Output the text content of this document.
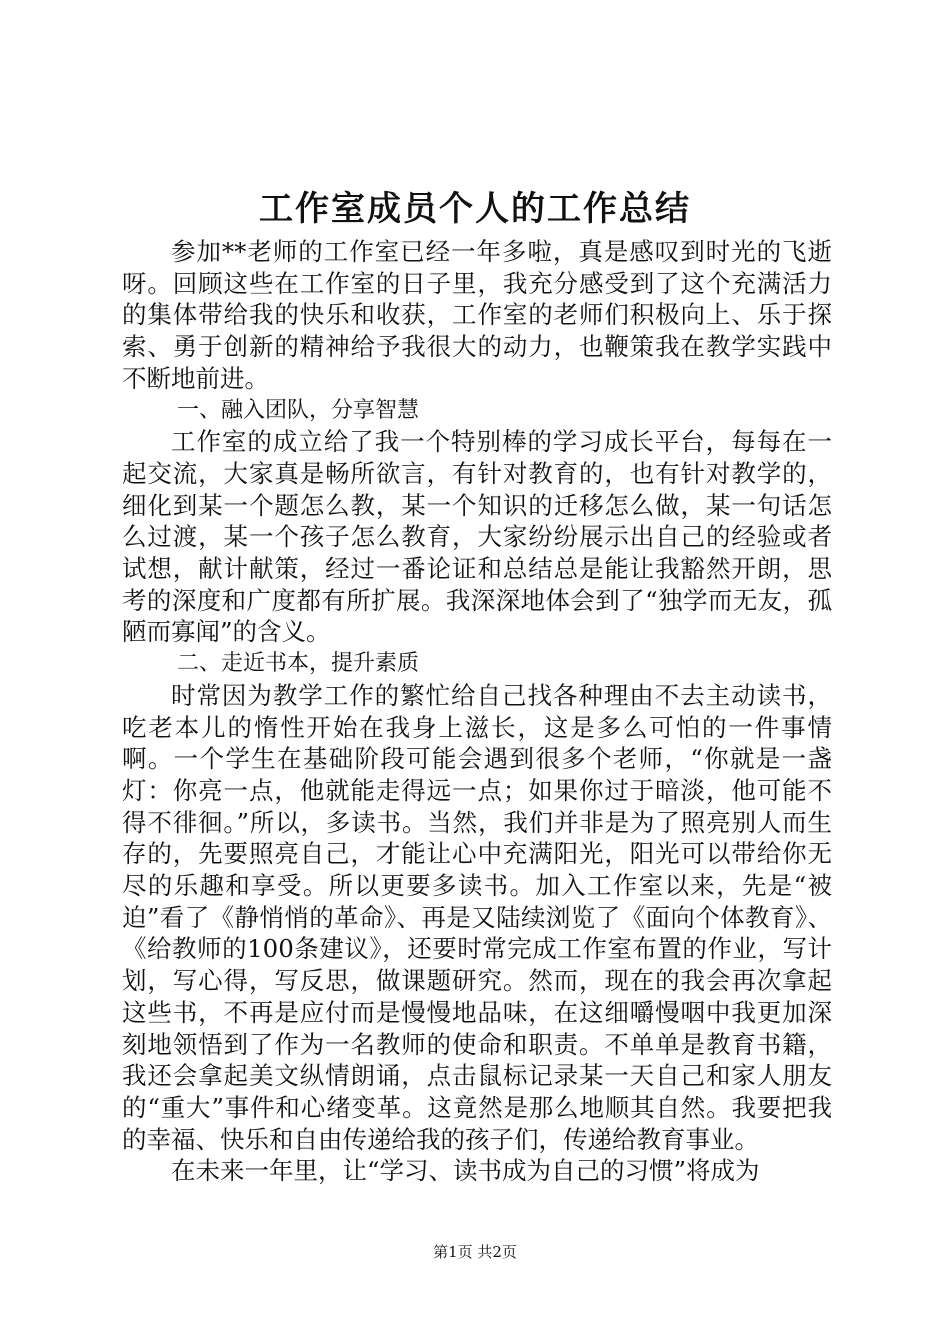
工作室成员个人的工作总结

参加**老师的工作室已经一年多啦，真是感叹到时光的飞逝呀。回顾这些在工作室的日子里，我充分感受到了这个充满活力的集体带给我的快乐和收获，工作室的老师们积极向上、乐于探索、勇于创新的精神给予我很大的动力，也鞭策我在教学实践中不断地前进。

一、融入团队，分享智慧

工作室的成立给了我一个特别棒的学习成长平台，每每在一起交流，大家真是畅所欲言，有针对教育的，也有针对教学的，细化到某一个题怎么教，某一个知识的迁移怎么做，某一句话怎么过渡，某一个孩子怎么教育，大家纷纷展示出自己的经验或者试想，献计献策，经过一番论证和总结总是能让我豁然开朗，思考的深度和广度都有所扩展。我深深地体会到了“独学而无友，孤陋而寡闻”的含义。

二、走近书本，提升素质

时常因为教学工作的繁忙给自己找各种理由不去主动读书，吃老本儿的惰性开始在我身上滋长，这是多么可怕的一件事情啊。一个学生在基础阶段可能会遇到很多个老师，“你就是一盏灯：你亮一点，他就能走得远一点；如果你过于暗淡，他可能不得不徘徊。”所以，多读书。当然，我们并非是为了照亮别人而生存的，先要照亮自己，才能让心中充满阳光，阳光可以带给你无尽的乐趣和享受。所以更要多读书。加入工作室以来，先是“被迫”看了《静悄悄的革命》、再是又陆续浏览了《面向个体教育》、《给教师的100条建议》，还要时常完成工作室布置的作业，写计划，写心得，写反思，做课题研究。然而，现在的我会再次拿起这些书，不再是应付而是慢慢地品味，在这细嚼慢咽中我更加深刻地领悟到了作为一名教师的使命和职责。不单单是教育书籍，我还会拿起美文纵情朗诵，点击鼠标记录某一天自己和家人朋友的“重大”事件和心绪变革。这竟然是那么地顺其自然。我要把我的幸福、快乐和自由传递给我的孩子们，传递给教育事业。

在未来一年里，让“学习、读书成为自己的习惯”将成为

第1页 共2页
